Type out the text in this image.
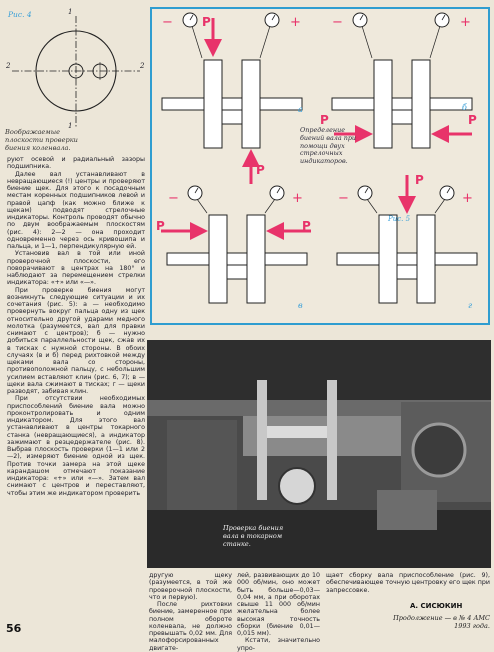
Рис. 4
2	2
1
1
Воображаемые плоскости проверки биения коленвала.
Рис. 5
а	б
в	г
P
P
P	P
P	P
P
−	+ −	+
−	+	−	+
Определение биений вала при помощи двух стрелочных индикаторов.

руют осевой и радиальный зазоры подшипника.

Далее вал устанавливают в невращающиеся (!) центры и проверяют биение щек. Для этого к посадочным местам коренных подшипников левой и правой цапф (как можно ближе к щекам) подводят стрелочные индикаторы. Контроль проводят обычно по двум воображаемым плоскостям (рис. 4): 2—2 — она проходит одновременно через ось кривошипа и пальца, и 1—1, перпендикулярную ей.

Установив вал в той или иной проверочной плоскости, его поворачивают в центрах на 180° и наблюдают за перемещением стрелки индикатора: «+» или «—».

При проверке биения могут возникнуть следующие ситуации и их сочетания (рис. 5): а — необходимо провернуть вокруг пальца одну из щек относительно другой ударами медного молотка (разумеется, вал для правки снимают с центров); б — нужно добиться параллельности щек, сжав их в тисках с нужной стороны. В обоих случаях (в и б) перед рихтовкой между щеками вала со стороны, противоположной пальцу, с небольшим усилием вставляют клин (рис. 6, 7); в — щеки вала сжимают в тисках; г — щеки разводят, забивая клин.

При отсутствии необходимых приспособлений биение вала можно проконтролировать и одним индикатором. Для этого вал устанавливают в центры токарного станка (невращающиеся), а индикатор зажимают в резцедержателе (рис. 8). Выбрав плоскость проверки (1—1 или 2—2), измеряют биение одной из щек. Против точки замера на этой щеке карандашом отмечают показание индикатора: «+» или «—». Затем вал снимают с центров и переставляют, чтобы этим же индикатором проверить

Проверка биения вала в токарном станке.

другую щеку (разумеется, в той же проверочной плоскости, что и первую).

После рихтовки биение, замеренное при полном обороте коленвала, не должно превышать 0,02 мм. Для малофорсированных двигате-

лей, развивающих до 10 000 об/мин, оно может быть больше—0,03—0,04 мм, а при оборотах свыше 11 000 об/мин желательна более высокая точность сборки (биение 0,01—0,015 мм).

Кстати, значительно упро-

щает сборку вала приспособление (рис. 9), обеспечивающее точную центровку его щек при запрессовке.

А. СИСЮКИН
Продолжение — в № 4 АМС 1993 года.
56
